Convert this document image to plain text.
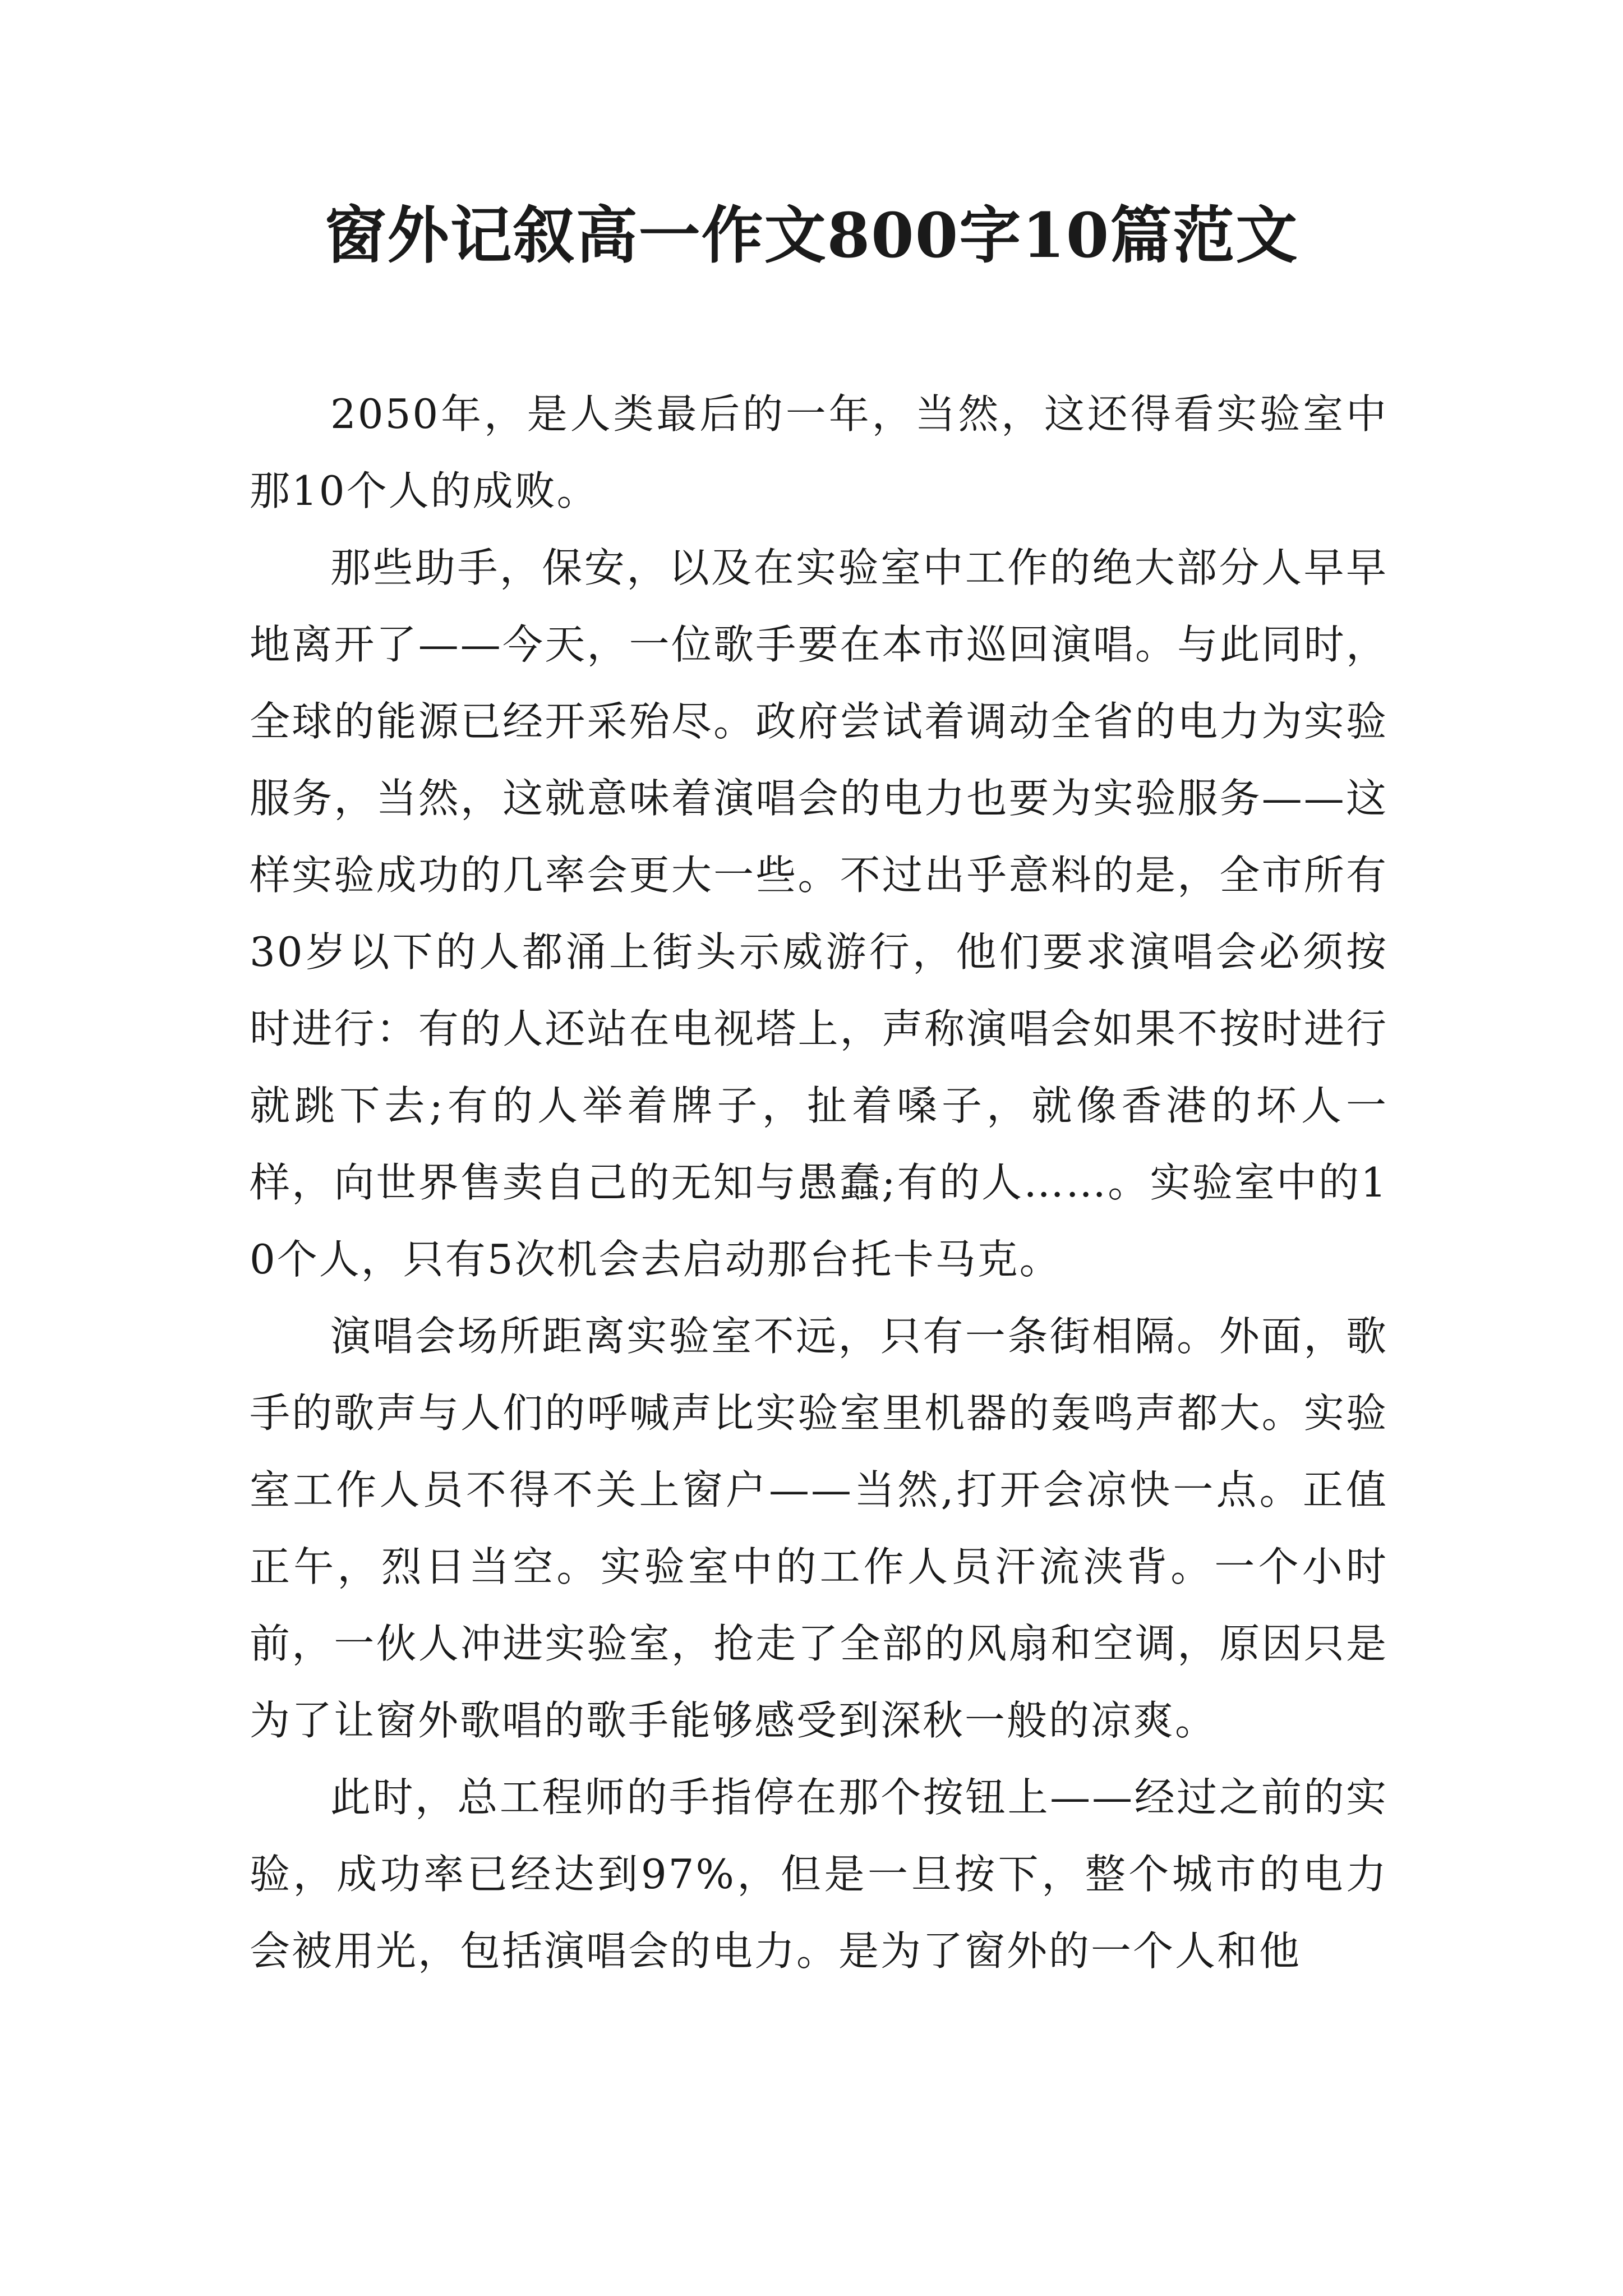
窗外记叙高一作文800字10篇范文

2050年，是人类最后的一年，当然，这还得看实验室中那10个人的成败。

那些助手，保安，以及在实验室中工作的绝大部分人早早地离开了——今天，一位歌手要在本市巡回演唱。与此同时，全球的能源已经开采殆尽。政府尝试着调动全省的电力为实验服务，当然，这就意味着演唱会的电力也要为实验服务——这样实验成功的几率会更大一些。不过出乎意料的是，全市所有30岁以下的人都涌上街头示威游行，他们要求演唱会必须按时进行：有的人还站在电视塔上，声称演唱会如果不按时进行就跳下去;有的人举着牌子，扯着嗓子，就像香港的坏人一样，向世界售卖自己的无知与愚蠢;有的人……。实验室中的10个人，只有5次机会去启动那台托卡马克。

演唱会场所距离实验室不远，只有一条街相隔。外面，歌手的歌声与人们的呼喊声比实验室里机器的轰鸣声都大。实验室工作人员不得不关上窗户——当然,打开会凉快一点。正值正午，烈日当空。实验室中的工作人员汗流浃背。一个小时前，一伙人冲进实验室，抢走了全部的风扇和空调，原因只是为了让窗外歌唱的歌手能够感受到深秋一般的凉爽。

此时，总工程师的手指停在那个按钮上——经过之前的实验，成功率已经达到97%，但是一旦按下，整个城市的电力会被用光，包括演唱会的电力。是为了窗外的一个人和他
